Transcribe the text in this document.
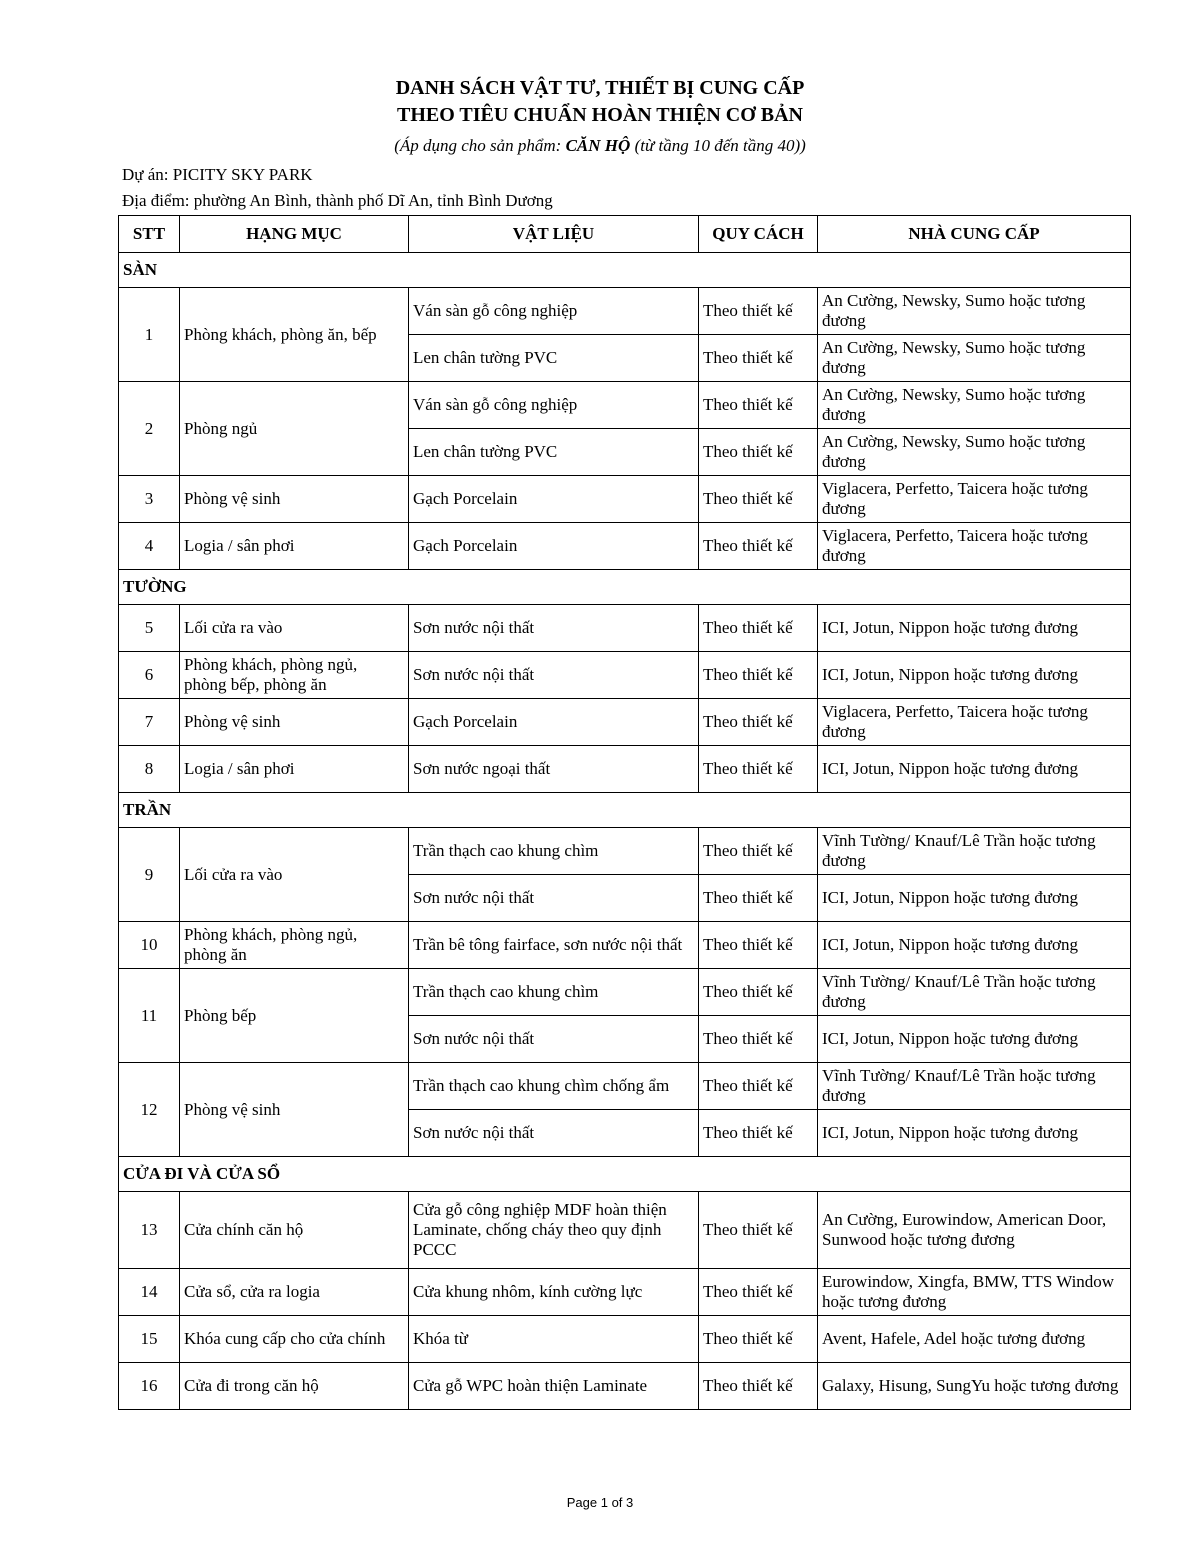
DANH SÁCH VẬT TƯ, THIẾT BỊ CUNG CẤP
THEO TIÊU CHUẨN HOÀN THIỆN CƠ BẢN

(Áp dụng cho sản phẩm: CĂN HỘ (từ tầng 10 đến tầng 40))

Dự án: PICITY SKY PARK

Địa điểm: phường An Bình, thành phố Dĩ An, tỉnh Bình Dương

STT	HẠNG MỤC	VẬT LIỆU	QUY CÁCH	NHÀ CUNG CẤP
SÀN				
1	Phòng khách, phòng ăn, bếp	Ván sàn gỗ công nghiệp	Theo thiết kế	An Cường, Newsky, Sumo hoặc tương đương
		Len chân tường PVC	Theo thiết kế	An Cường, Newsky, Sumo hoặc tương đương
2	Phòng ngủ	Ván sàn gỗ công nghiệp	Theo thiết kế	An Cường, Newsky, Sumo hoặc tương đương
		Len chân tường PVC	Theo thiết kế	An Cường, Newsky, Sumo hoặc tương đương
3	Phòng vệ sinh	Gạch Porcelain	Theo thiết kế	Viglacera, Perfetto, Taicera hoặc tương đương
4	Logia / sân phơi	Gạch Porcelain	Theo thiết kế	Viglacera, Perfetto, Taicera hoặc tương đương
TƯỜNG				
5	Lối cửa ra vào	Sơn nước nội thất	Theo thiết kế	ICI, Jotun, Nippon hoặc tương đương
6	Phòng khách, phòng ngủ, phòng bếp, phòng ăn	Sơn nước nội thất	Theo thiết kế	ICI, Jotun, Nippon hoặc tương đương
7	Phòng vệ sinh	Gạch Porcelain	Theo thiết kế	Viglacera, Perfetto, Taicera hoặc tương đương
8	Logia / sân phơi	Sơn nước ngoại thất	Theo thiết kế	ICI, Jotun, Nippon hoặc tương đương
TRẦN				
9	Lối cửa ra vào	Trần thạch cao khung chìm	Theo thiết kế	Vĩnh Tường/ Knauf/Lê Trần hoặc tương đương
		Sơn nước nội thất	Theo thiết kế	ICI, Jotun, Nippon hoặc tương đương
10	Phòng khách, phòng ngủ, phòng ăn	Trần bê tông fairface, sơn nước nội thất	Theo thiết kế	ICI, Jotun, Nippon hoặc tương đương
11	Phòng bếp	Trần thạch cao khung chìm	Theo thiết kế	Vĩnh Tường/ Knauf/Lê Trần hoặc tương đương
		Sơn nước nội thất	Theo thiết kế	ICI, Jotun, Nippon hoặc tương đương
12	Phòng vệ sinh	Trần thạch cao khung chìm chống ẩm	Theo thiết kế	Vĩnh Tường/ Knauf/Lê Trần hoặc tương đương
		Sơn nước nội thất	Theo thiết kế	ICI, Jotun, Nippon hoặc tương đương
CỬA ĐI VÀ CỬA SỔ				
13	Cửa chính căn hộ	Cửa gỗ công nghiệp MDF hoàn thiện Laminate, chống cháy theo quy định PCCC	Theo thiết kế	An Cường, Eurowindow, American Door, Sunwood hoặc tương đương
14	Cửa sổ, cửa ra logia	Cửa khung nhôm, kính cường lực	Theo thiết kế	Eurowindow, Xingfa, BMW, TTS Window hoặc tương đương
15	Khóa cung cấp cho cửa chính	Khóa từ	Theo thiết kế	Avent, Hafele, Adel hoặc tương đương
16	Cửa đi trong căn hộ	Cửa gỗ WPC hoàn thiện Laminate	Theo thiết kế	Galaxy, Hisung, SungYu hoặc tương đương
Page 1 of 3
